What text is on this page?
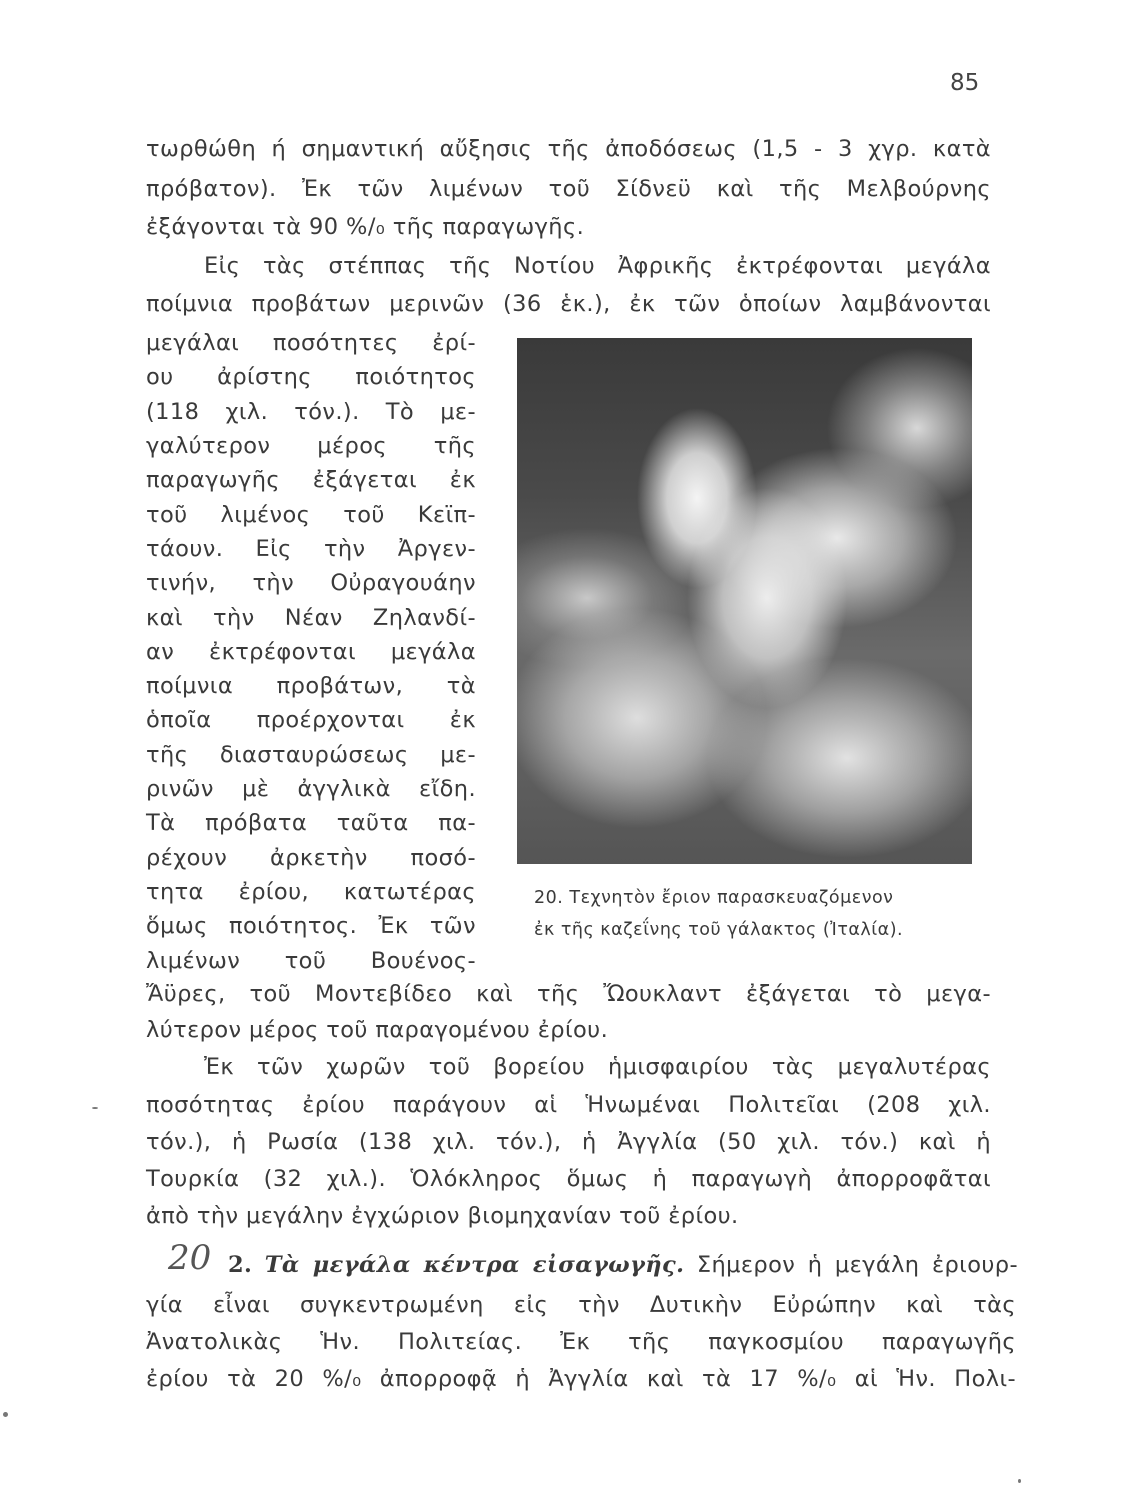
85
τωρθώθη ή σημαντική αὔξησις τῆς ἀποδόσεως (1,5 - 3 χγρ. κατὰ
πρόβατον). Ἐκ τῶν λιμένων τοῦ Σίδνεϋ καὶ τῆς Μελβούρνης
ἐξάγονται τὰ 90 %/₀ τῆς παραγωγῆς.
Εἰς τὰς στέππας τῆς Νοτίου Ἀφρικῆς ἐκτρέφονται μεγάλα
ποίμνια προβάτων μερινῶν (36 ἑκ.), ἐκ τῶν ὁποίων λαμβάνονται
μεγάλαι ποσότητες ἐρί-
ου ἀρίστης ποιότητος
(118 χιλ. τόν.). Τὸ με-
γαλύτερον μέρος τῆς
παραγωγῆς ἐξάγεται ἐκ
τοῦ λιμένος τοῦ Κεϊπ-
τάουν. Εἰς τὴν Ἀργεν-
τινήν, τὴν Οὐραγουάην
καὶ τὴν Νέαν Ζηλανδί-
αν ἐκτρέφονται μεγάλα
ποίμνια προβάτων, τὰ
ὁποῖα προέρχονται ἐκ
τῆς διασταυρώσεως με-
ρινῶν μὲ ἀγγλικὰ εἴδη.
Τὰ πρόβατα ταῦτα πα-
ρέχουν ἀρκετὴν ποσό-
τητα ἐρίου, κατωτέρας
ὅμως ποιότητος. Ἐκ τῶν
λιμένων τοῦ Βουένος-
20. Τεχνητὸν ἔριον παρασκευαζόμενον
ἐκ τῆς καζεΐνης τοῦ γάλακτος (Ἰταλία).
Ἄϋρες, τοῦ Μοντεβίδεο καὶ τῆς Ὤουκλαντ ἐξάγεται τὸ μεγα-
λύτερον μέρος τοῦ παραγομένου ἐρίου.
Ἐκ τῶν χωρῶν τοῦ βορείου ἡμισφαιρίου τὰς μεγαλυτέρας
ποσότητας ἐρίου παράγουν αἱ Ἡνωμέναι Πολιτεῖαι (208 χιλ.
τόν.), ἡ Ρωσία (138 χιλ. τόν.), ἡ Ἀγγλία (50 χιλ. τόν.) καὶ ἡ
Τουρκία (32 χιλ.). Ὁλόκληρος ὅμως ἡ παραγωγὴ ἀπορροφᾶται
ἀπὸ τὴν μεγάλην ἐγχώριον βιομηχανίαν τοῦ ἐρίου.
20 2. Τὰ μεγάλα κέντρα εἰσαγωγῆς. Σήμερον ἡ μεγάλη ἐριουρ-
γία εἶναι συγκεντρωμένη εἰς τὴν Δυτικὴν Εὐρώπην καὶ τὰς
Ἀνατολικὰς Ἡν. Πολιτείας. Ἐκ τῆς παγκοσμίου παραγωγῆς
ἐρίου τὰ 20 %/₀ ἀπορροφᾷ ἡ Ἀγγλία καὶ τὰ 17 %/₀ αἱ Ἡν. Πολι-
